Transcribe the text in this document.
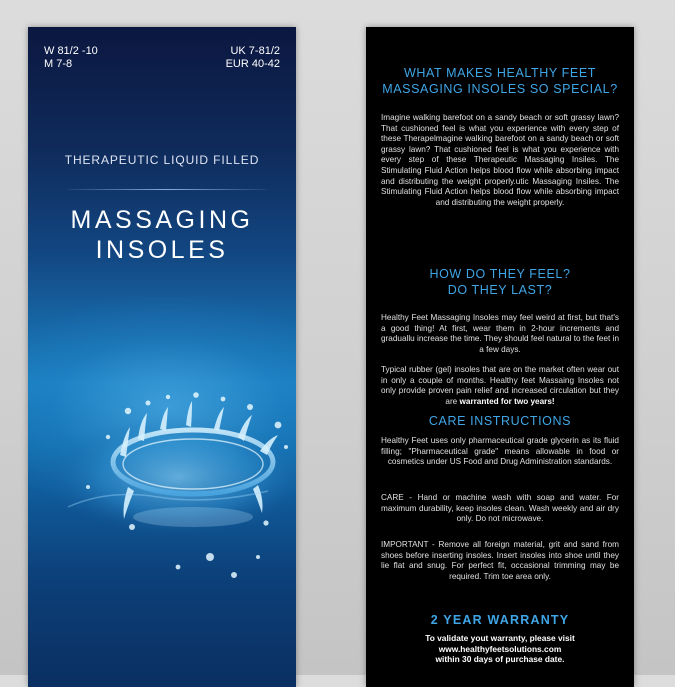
W 81/2 -10
M 7-8
UK 7-81/2
EUR 40-42
THERAPEUTIC LIQUID FILLED
MASSAGING
INSOLES
WHAT MAKES HEALTHY FEET
MASSAGING INSOLES SO SPECIAL?
Imagine walking barefoot on a sandy beach or soft grassy lawn? That cushioned feel is what you experience with every step of these Therapelmagine walking barefoot on a sandy beach or soft grassy lawn? That cushioned feel is what you experience with every step of these Therapeutic Massaging Insiles. The Stimulating Fluid Action helps blood flow while absorbing impact and distributing the weight properly.utic Massaging Insiles. The Stimulating Fluid Action helps blood flow while absorbing impact and distributing the weight properly.
HOW DO THEY FEEL?
DO THEY LAST?
Healthy Feet Massaging Insoles may feel weird at first, but that's a good thing! At first, wear them in 2-hour increments and graduallu increase the time. They should feel natural to the feet in a few days.
Typical rubber (gel) insoles that are on the market often wear out in only a couple of months. Healthy feet Massaing Insoles not only provide proven pain relief and increased circulation but they are warranted for two years!
CARE INSTRUCTIONS
Healthy Feet uses only pharmaceutical grade glycerin as its fluid filling; "Pharmaceutical grade" means allowable in food or cosmetics under US Food and Drug Administration standards.
CARE - Hand or machine wash with soap and water. For maximum durability, keep insoles clean. Wash weekly and air dry only. Do not microwave.
IMPORTANT - Remove all foreign material, grit and sand from shoes before inserting insoles. Insert insoles into shoe until they lie flat and snug. For perfect fit, occasional trimming may be required. Trim toe area only.
2 YEAR WARRANTY
To validate yout warranty, please visit
www.healthyfeetsolutions.com
within 30 days of purchase date.
